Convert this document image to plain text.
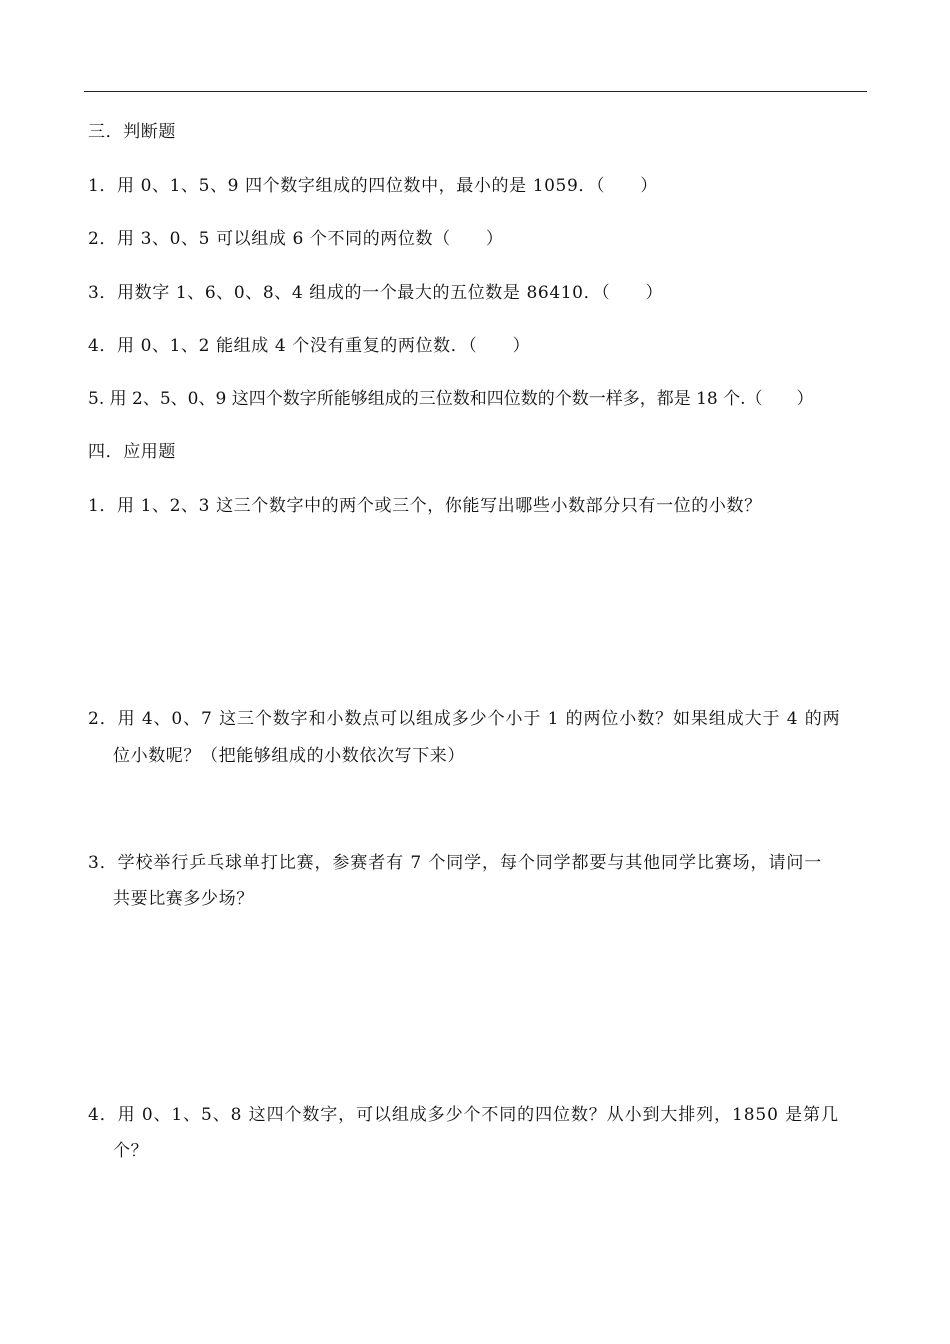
三．判断题
1．用 0、1、5、9 四个数字组成的四位数中，最小的是 1059．（　　）
2．用 3、0、5 可以组成 6 个不同的两位数（　　）
3．用数字 1、6、0、8、4 组成的一个最大的五位数是 86410．（　　）
4．用 0、1、2 能组成 4 个没有重复的两位数．（　　）
5. 用 2、5、0、9 这四个数字所能够组成的三位数和四位数的个数一样多，都是 18 个.（　　）
四．应用题
1．用 1、2、3 这三个数字中的两个或三个，你能写出哪些小数部分只有一位的小数？
2．用 4、0、7 这三个数字和小数点可以组成多少个小于 1 的两位小数？如果组成大于 4 的两
位小数呢？（把能够组成的小数依次写下来）
3．学校举行乒乓球单打比赛，参赛者有 7 个同学，每个同学都要与其他同学比赛场，请问一
共要比赛多少场？
4．用 0、1、5、8 这四个数字，可以组成多少个不同的四位数？从小到大排列，1850 是第几
个？
